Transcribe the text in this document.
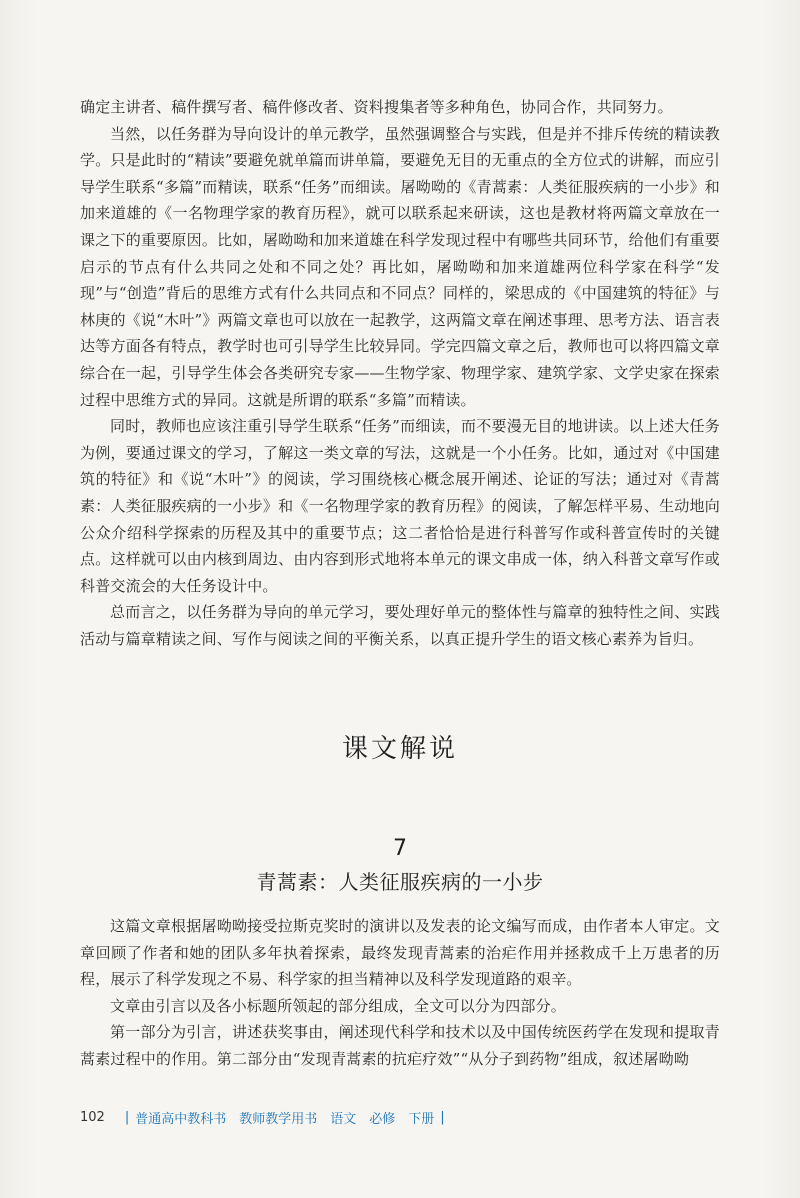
确定主讲者、稿件撰写者、稿件修改者、资料搜集者等多种角色，协同合作，共同努力。

当然，以任务群为导向设计的单元教学，虽然强调整合与实践，但是并不排斥传统的精读教学。只是此时的“精读”要避免就单篇而讲单篇，要避免无目的无重点的全方位式的讲解，而应引导学生联系“多篇”而精读，联系“任务”而细读。屠呦呦的《青蒿素：人类征服疾病的一小步》和加来道雄的《一名物理学家的教育历程》，就可以联系起来研读，这也是教材将两篇文章放在一课之下的重要原因。比如，屠呦呦和加来道雄在科学发现过程中有哪些共同环节，给他们有重要启示的节点有什么共同之处和不同之处？再比如，屠呦呦和加来道雄两位科学家在科学“发现”与“创造”背后的思维方式有什么共同点和不同点？同样的，梁思成的《中国建筑的特征》与林庚的《说“木叶”》两篇文章也可以放在一起教学，这两篇文章在阐述事理、思考方法、语言表达等方面各有特点，教学时也可引导学生比较异同。学完四篇文章之后，教师也可以将四篇文章综合在一起，引导学生体会各类研究专家——生物学家、物理学家、建筑学家、文学史家在探索过程中思维方式的异同。这就是所谓的联系“多篇”而精读。

同时，教师也应该注重引导学生联系“任务”而细读，而不要漫无目的地讲读。以上述大任务为例，要通过课文的学习，了解这一类文章的写法，这就是一个小任务。比如，通过对《中国建筑的特征》和《说“木叶”》的阅读，学习围绕核心概念展开阐述、论证的写法；通过对《青蒿素：人类征服疾病的一小步》和《一名物理学家的教育历程》的阅读，了解怎样平易、生动地向公众介绍科学探索的历程及其中的重要节点；这二者恰恰是进行科普写作或科普宣传时的关键点。这样就可以由内核到周边、由内容到形式地将本单元的课文串成一体，纳入科普文章写作或科普交流会的大任务设计中。

总而言之，以任务群为导向的单元学习，要处理好单元的整体性与篇章的独特性之间、实践活动与篇章精读之间、写作与阅读之间的平衡关系，以真正提升学生的语文核心素养为旨归。

课文解说
7
青蒿素：人类征服疾病的一小步

这篇文章根据屠呦呦接受拉斯克奖时的演讲以及发表的论文编写而成，由作者本人审定。文章回顾了作者和她的团队多年执着探索，最终发现青蒿素的治疟作用并拯救成千上万患者的历程，展示了科学发现之不易、科学家的担当精神以及科学发现道路的艰辛。

文章由引言以及各小标题所领起的部分组成，全文可以分为四部分。

第一部分为引言，讲述获奖事由，阐述现代科学和技术以及中国传统医药学在发现和提取青蒿素过程中的作用。第二部分由“发现青蒿素的抗疟疗效”“从分子到药物”组成，叙述屠呦呦

102 | 普通高中教科书　教师教学用书　语文　必修　下册 |
